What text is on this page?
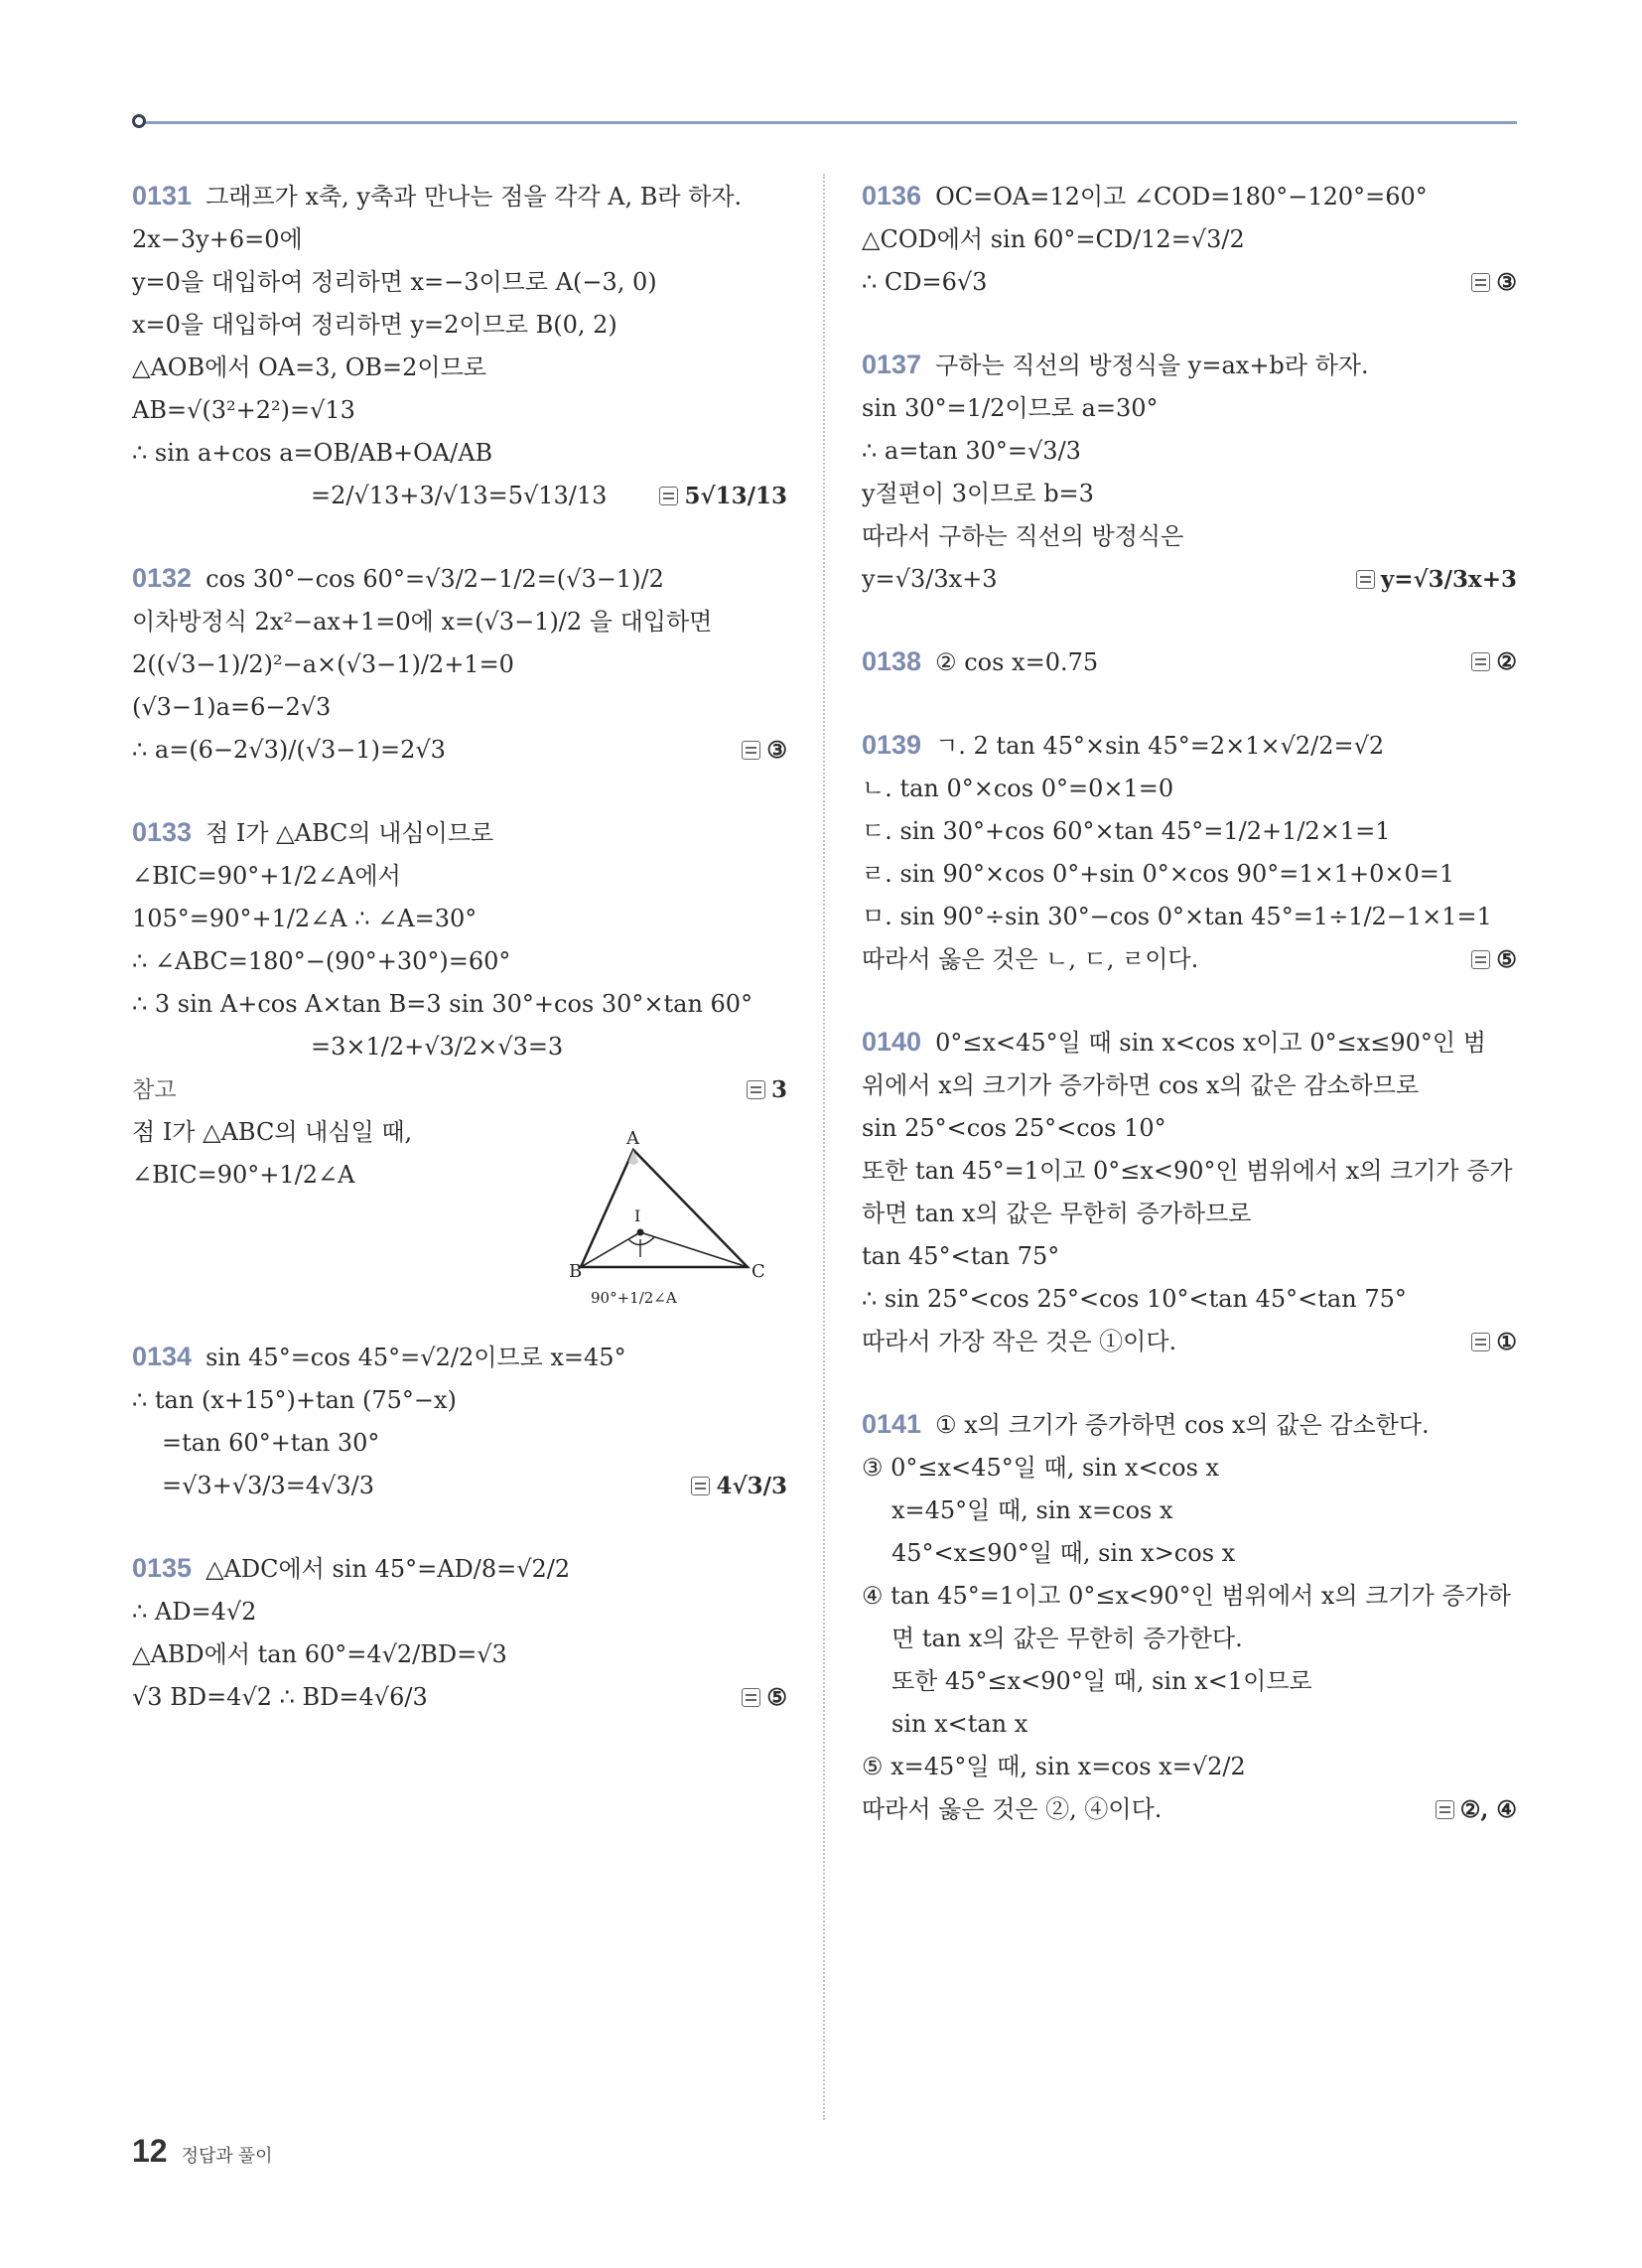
0131 그래프가 x축, y축과 만나는 점을 각각 A, B라 하자.
2x−3y+6=0에
y=0을 대입하여 정리하면 x=−3이므로 A(−3, 0)
x=0을 대입하여 정리하면 y=2이므로 B(0, 2)
△AOB에서 OA=3, OB=2이므로
AB=√(3²+2²)=√13
∴ sin a+cos a=OB/AB+OA/AB
=2/√13+3/√13=5√13/13	5√13/13
0132 cos 30°−cos 60°=√3/2−1/2=(√3−1)/2
이차방정식 2x²−ax+1=0에 x=(√3−1)/2 을 대입하면
2((√3−1)/2)²−a×(√3−1)/2+1=0
(√3−1)a=6−2√3
∴ a=(6−2√3)/(√3−1)=2√3	③
0133 점 I가 △ABC의 내심이므로
∠BIC=90°+1/2∠A에서
105°=90°+1/2∠A ∴ ∠A=30°
∴ ∠ABC=180°−(90°+30°)=60°
∴ 3 sin A+cos A×tan B=3 sin 30°+cos 30°×tan 60°
=3×1/2+√3/2×√3=3
3
참고
점 I가 △ABC의 내심일 때,
∠BIC=90°+1/2∠A
A
B	C
I
90°+1/2∠A
0134 sin 45°=cos 45°=√2/2이므로 x=45°
∴ tan (x+15°)+tan (75°−x)
=tan 60°+tan 30°
=√3+√3/3=4√3/3	4√3/3
0135 △ADC에서 sin 45°=AD/8=√2/2
∴ AD=4√2
△ABD에서 tan 60°=4√2/BD=√3
√3 BD=4√2 ∴ BD=4√6/3	⑤
0136 OC=OA=12이고 ∠COD=180°−120°=60°
△COD에서 sin 60°=CD/12=√3/2
∴ CD=6√3	③
0137 구하는 직선의 방정식을 y=ax+b라 하자.
sin 30°=1/2이므로 a=30°
∴ a=tan 30°=√3/3
y절편이 3이므로 b=3
따라서 구하는 직선의 방정식은
y=√3/3x+3	y=√3/3x+3
0138 ② cos x=0.75	②
0139 ㄱ. 2 tan 45°×sin 45°=2×1×√2/2=√2
ㄴ. tan 0°×cos 0°=0×1=0
ㄷ. sin 30°+cos 60°×tan 45°=1/2+1/2×1=1
ㄹ. sin 90°×cos 0°+sin 0°×cos 90°=1×1+0×0=1
ㅁ. sin 90°÷sin 30°−cos 0°×tan 45°=1÷1/2−1×1=1
따라서 옳은 것은 ㄴ, ㄷ, ㄹ이다.	⑤
0140 0°≤x<45°일 때 sin x<cos x이고 0°≤x≤90°인 범
위에서 x의 크기가 증가하면 cos x의 값은 감소하므로
sin 25°<cos 25°<cos 10°
또한 tan 45°=1이고 0°≤x<90°인 범위에서 x의 크기가 증가
하면 tan x의 값은 무한히 증가하므로
tan 45°<tan 75°
∴ sin 25°<cos 25°<cos 10°<tan 45°<tan 75°
따라서 가장 작은 것은 ①이다.	①
0141 ① x의 크기가 증가하면 cos x의 값은 감소한다.
③ 0°≤x<45°일 때, sin x<cos x
x=45°일 때, sin x=cos x
45°<x≤90°일 때, sin x>cos x
④ tan 45°=1이고 0°≤x<90°인 범위에서 x의 크기가 증가하
면 tan x의 값은 무한히 증가한다.
또한 45°≤x<90°일 때, sin x<1이므로
sin x<tan x
⑤ x=45°일 때, sin x=cos x=√2/2
따라서 옳은 것은 ②, ④이다.	②, ④
12 정답과 풀이
